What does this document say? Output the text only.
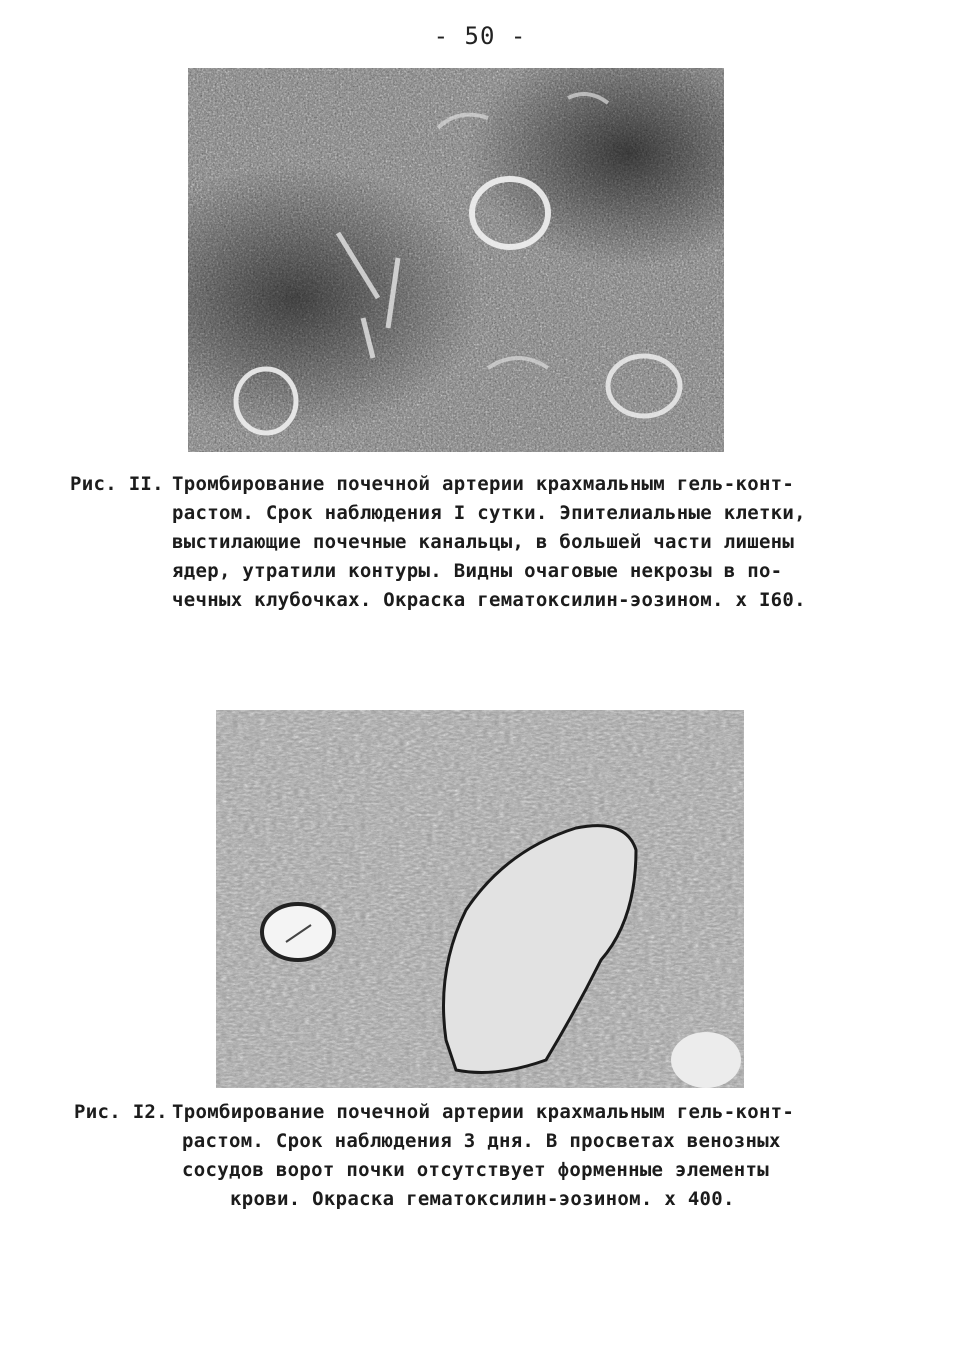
- 50 -
Рис. II. Тромбирование почечной артерии крахмальным гель-конт-
растом. Срок наблюдения I сутки. Эпителиальные клетки,
выстилающие почечные канальцы, в большей части лишены
ядер, утратили контуры. Видны очаговые некрозы в по-
чечных клубочках. Окраска гематоксилин-эозином. х I60.
Рис. I2. Тромбирование почечной артерии крахмальным гель-конт-
растом. Срок наблюдения 3 дня. В просветах венозных
сосудов ворот почки отсутствует форменные элементы
крови. Окраска гематоксилин-эозином. х 400.
